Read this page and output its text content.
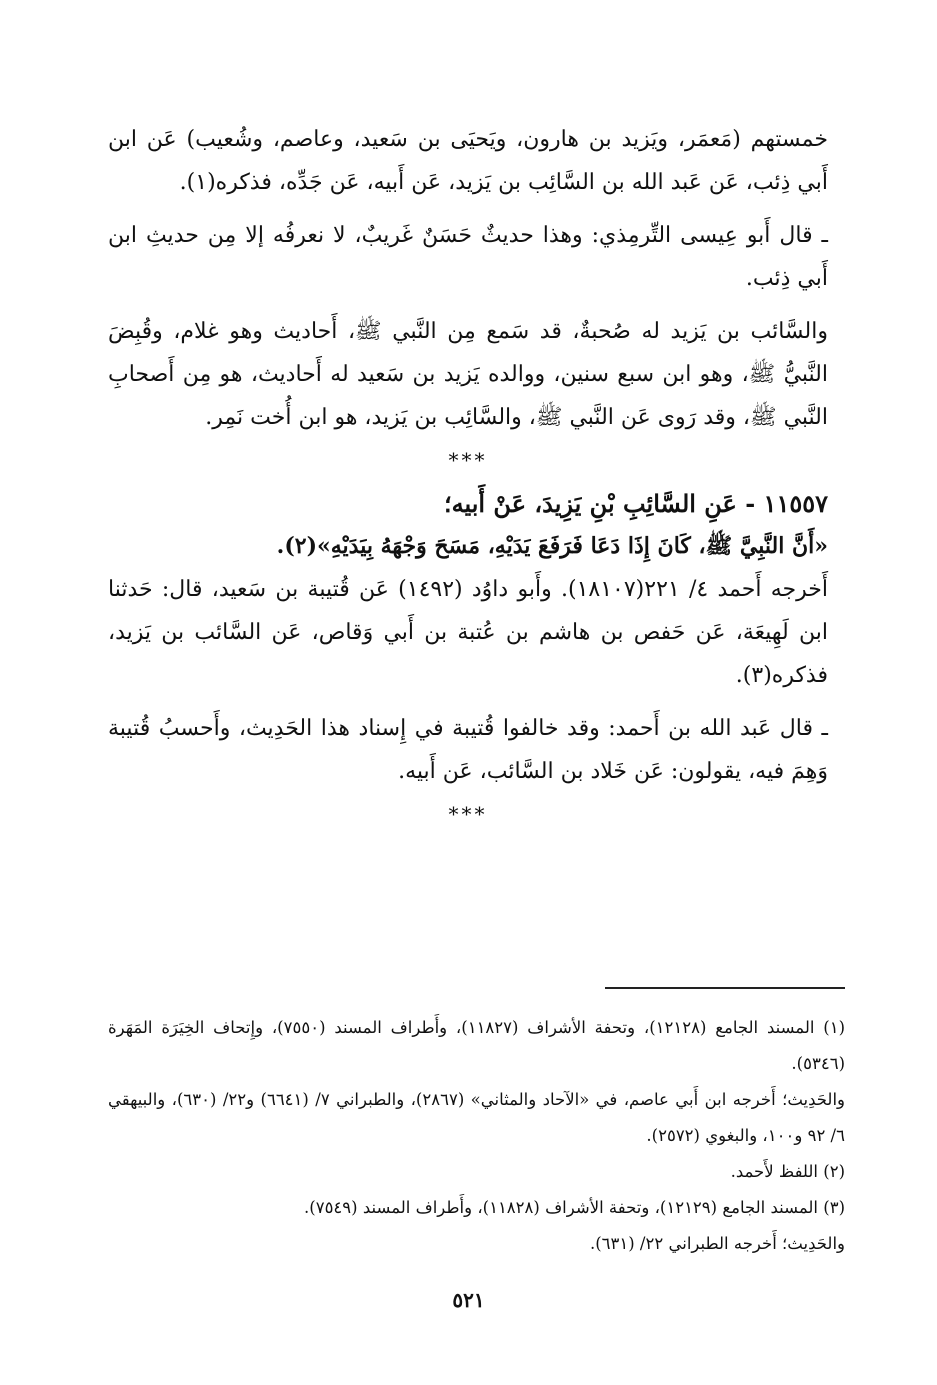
خمستهم (مَعمَر، ويَزيد بن هارون، ويَحيَى بن سَعيد، وعاصم، وشُعيب) عَن ابن أَبي ذِئب، عَن عَبد الله بن السَّائِب بن يَزيد، عَن أَبيه، عَن جَدِّه، فذكره(١).

ـ قال أَبو عِيسى التِّرمِذي: وهذا حديثٌ حَسَنٌ غَريبٌ، لا نعرفُه إلا مِن حديثِ ابن أَبي ذِئب.

والسَّائب بن يَزيد له صُحبةٌ، قد سَمع مِن النَّبي ﷺ، أَحاديث وهو غلام، وقُبِضَ النَّبيُّ ﷺ، وهو ابن سبع سنين، ووالده يَزيد بن سَعيد له أَحاديث، هو مِن أَصحابِ النَّبي ﷺ، وقد رَوى عَن النَّبي ﷺ، والسَّائِب بن يَزيد، هو ابن أُخت نَمِر.

***

١١٥٥٧ - عَنِ السَّائِبِ بْنِ يَزِيدَ، عَنْ أَبيه؛

«أَنَّ النَّبِيَّ ﷺ، كَانَ إِذَا دَعَا فَرَفَعَ يَدَيْهِ، مَسَحَ وَجْهَهُ بِيَدَيْهِ»(٢).

أَخرجه أَحمد ٤/ ٢٢١(١٨١٠٧). وأَبو داوُد (١٤٩٢) عَن قُتيبة بن سَعيد، قال: حَدثنا ابن لَهِيعَة، عَن حَفص بن هاشم بن عُتبة بن أَبي وَقاص، عَن السَّائب بن يَزيد، فذكره(٣).

ـ قال عَبد الله بن أَحمد: وقد خالفوا قُتيبة في إِسناد هذا الحَدِيث، وأَحسبُ قُتيبة وَهِمَ فيه، يقولون: عَن خَلاد بن السَّائب، عَن أَبيه.

***

(١) المسند الجامع (١٢١٢٨)، وتحفة الأشراف (١١٨٢٧)، وأَطراف المسند (٧٥٥٠)، وإِتحاف الخِيَرَة المَهَرة (٥٣٤٦).

والحَدِيث؛ أَخرجه ابن أَبي عاصم، في «الآحاد والمثاني» (٢٨٦٧)، والطبراني ٧/ (٦٦٤١) و٢٢/ (٦٣٠)، والبيهقي ٦/ ٩٢ و١٠٠، والبغوي (٢٥٧٢).

(٢) اللفظ لأَحمد.

(٣) المسند الجامع (١٢١٢٩)، وتحفة الأشراف (١١٨٢٨)، وأَطراف المسند (٧٥٤٩).

والحَدِيث؛ أَخرجه الطبراني ٢٢/ (٦٣١).

٥٢١
